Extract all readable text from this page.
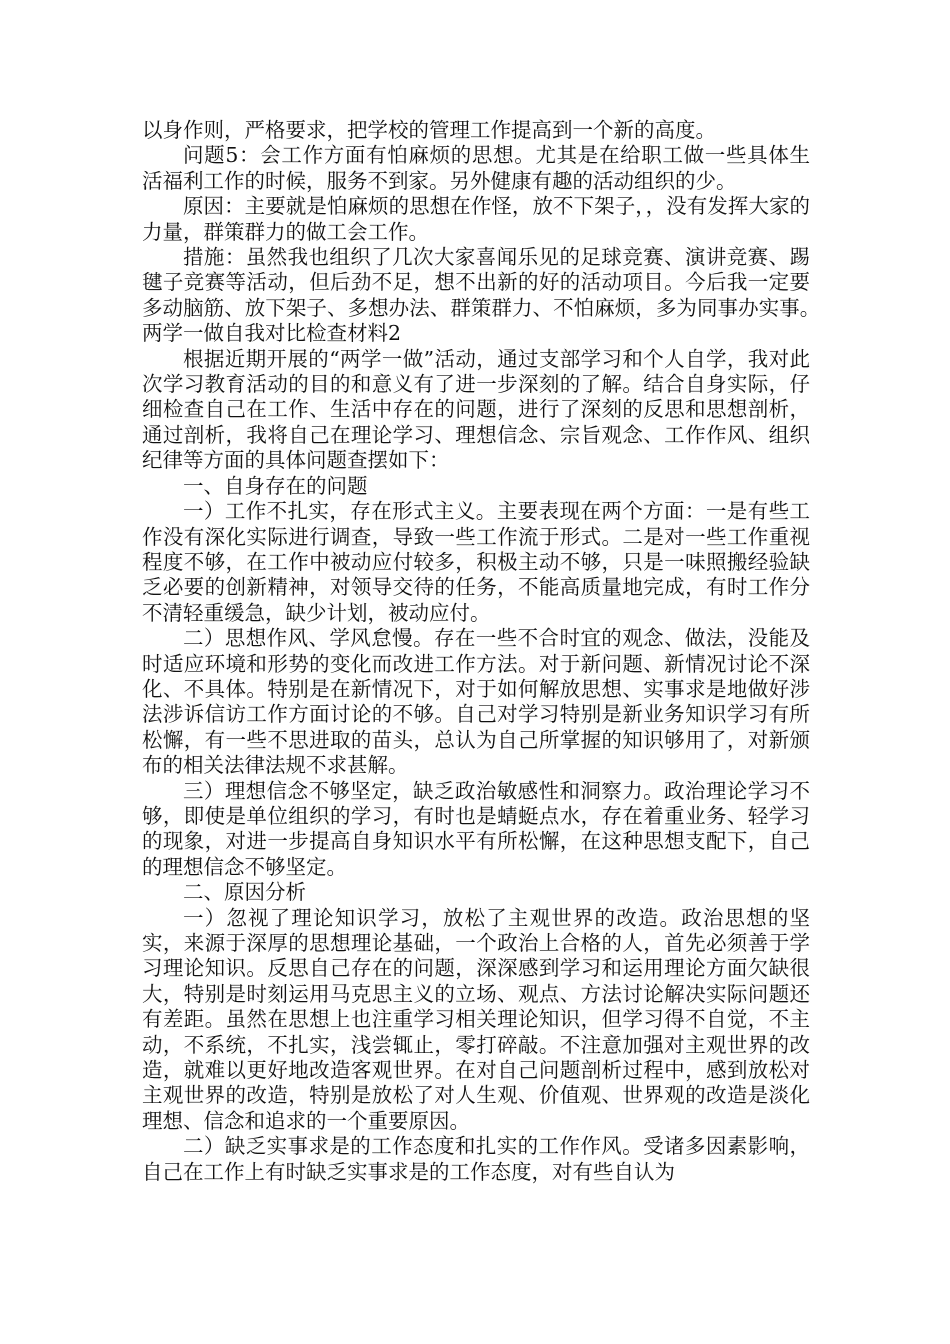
以身作则，严格要求，把学校的管理工作提高到一个新的高度。

问题5：会工作方面有怕麻烦的思想。尤其是在给职工做一些具体生活福利工作的时候，服务不到家。另外健康有趣的活动组织的少。

原因：主要就是怕麻烦的思想在作怪，放不下架子，，没有发挥大家的力量，群策群力的做工会工作。

措施：虽然我也组织了几次大家喜闻乐见的足球竞赛、演讲竞赛、踢毽子竞赛等活动，但后劲不足，想不出新的好的活动项目。今后我一定要多动脑筋、放下架子、多想办法、群策群力、不怕麻烦，多为同事办实事。　　两学一做自我对比检查材料2

根据近期开展的“两学一做”活动，通过支部学习和个人自学，我对此次学习教育活动的目的和意义有了进一步深刻的了解。结合自身实际，仔细检查自己在工作、生活中存在的问题，进行了深刻的反思和思想剖析，通过剖析，我将自己在理论学习、理想信念、宗旨观念、工作作风、组织纪律等方面的具体问题查摆如下：

一、自身存在的问题

一）工作不扎实，存在形式主义。主要表现在两个方面：一是有些工作没有深化实际进行调查，导致一些工作流于形式。二是对一些工作重视程度不够，在工作中被动应付较多，积极主动不够，只是一味照搬经验缺乏必要的创新精神，对领导交待的任务，不能高质量地完成，有时工作分不清轻重缓急，缺少计划，被动应付。

二）思想作风、学风怠慢。存在一些不合时宜的观念、做法，没能及时适应环境和形势的变化而改进工作方法。对于新问题、新情况讨论不深化、不具体。特别是在新情况下，对于如何解放思想、实事求是地做好涉法涉诉信访工作方面讨论的不够。自己对学习特别是新业务知识学习有所松懈，有一些不思进取的苗头，总认为自己所掌握的知识够用了，对新颁布的相关法律法规不求甚解。

三）理想信念不够坚定，缺乏政治敏感性和洞察力。政治理论学习不够，即使是单位组织的学习，有时也是蜻蜓点水，存在着重业务、轻学习的现象，对进一步提高自身知识水平有所松懈，在这种思想支配下，自己的理想信念不够坚定。

二、原因分析

一）忽视了理论知识学习，放松了主观世界的改造。政治思想的坚实，来源于深厚的思想理论基础，一个政治上合格的人，首先必须善于学习理论知识。反思自己存在的问题，深深感到学习和运用理论方面欠缺很大，特别是时刻运用马克思主义的立场、观点、方法讨论解决实际问题还有差距。虽然在思想上也注重学习相关理论知识，但学习得不自觉，不主动，不系统，不扎实，浅尝辄止，零打碎敲。不注意加强对主观世界的改造，就难以更好地改造客观世界。在对自己问题剖析过程中，感到放松对主观世界的改造，特别是放松了对人生观、价值观、世界观的改造是淡化理想、信念和追求的一个重要原因。

二）缺乏实事求是的工作态度和扎实的工作作风。受诸多因素影响，自己在工作上有时缺乏实事求是的工作态度，对有些自认为
